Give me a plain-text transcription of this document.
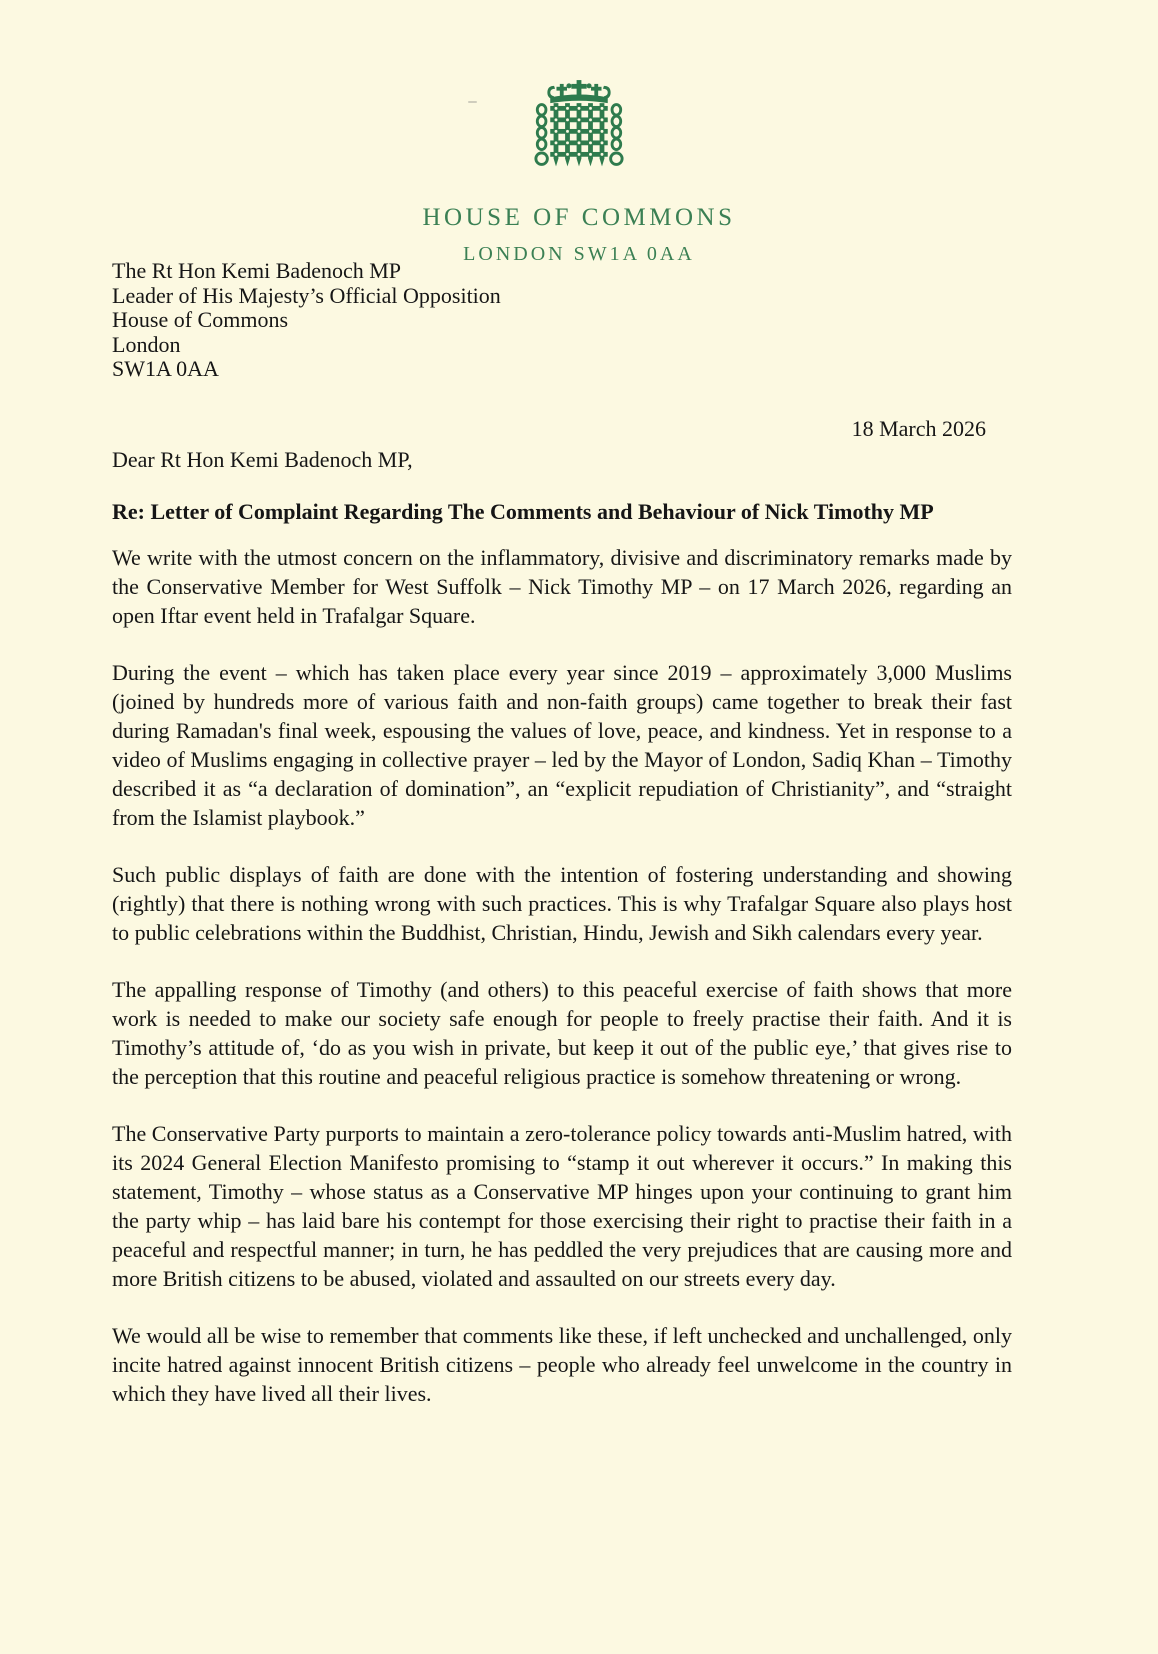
HOUSE OF COMMONS
LONDON SW1A 0AA
The Rt Hon Kemi Badenoch MP
Leader of His Majesty’s Official Opposition
House of Commons
London
SW1A 0AA
18 March 2026
Dear Rt Hon Kemi Badenoch MP,
Re: Letter of Complaint Regarding The Comments and Behaviour of Nick Timothy MP

We write with the utmost concern on the inflammatory, divisive and discriminatory remarks made by the Conservative Member for West Suffolk – Nick Timothy MP – on 17 March 2026, regarding an open Iftar event held in Trafalgar Square.

During the event – which has taken place every year since 2019 – approximately 3,000 Muslims (joined by hundreds more of various faith and non-faith groups) came together to break their fast during Ramadan's final week, espousing the values of love, peace, and kindness. Yet in response to a video of Muslims engaging in collective prayer – led by the Mayor of London, Sadiq Khan – Timothy described it as “a declaration of domination”, an “explicit repudiation of Christianity”, and “straight from the Islamist playbook.”

Such public displays of faith are done with the intention of fostering understanding and showing (rightly) that there is nothing wrong with such practices. This is why Trafalgar Square also plays host to public celebrations within the Buddhist, Christian, Hindu, Jewish and Sikh calendars every year.

The appalling response of Timothy (and others) to this peaceful exercise of faith shows that more work is needed to make our society safe enough for people to freely practise their faith. And it is Timothy’s attitude of, ‘do as you wish in private, but keep it out of the public eye,’ that gives rise to the perception that this routine and peaceful religious practice is somehow threatening or wrong.

The Conservative Party purports to maintain a zero-tolerance policy towards anti-Muslim hatred, with its 2024 General Election Manifesto promising to “stamp it out wherever it occurs.” In making this statement, Timothy – whose status as a Conservative MP hinges upon your continuing to grant him the party whip – has laid bare his contempt for those exercising their right to practise their faith in a peaceful and respectful manner; in turn, he has peddled the very prejudices that are causing more and more British citizens to be abused, violated and assaulted on our streets every day.

We would all be wise to remember that comments like these, if left unchecked and unchallenged, only incite hatred against innocent British citizens – people who already feel unwelcome in the country in which they have lived all their lives.
